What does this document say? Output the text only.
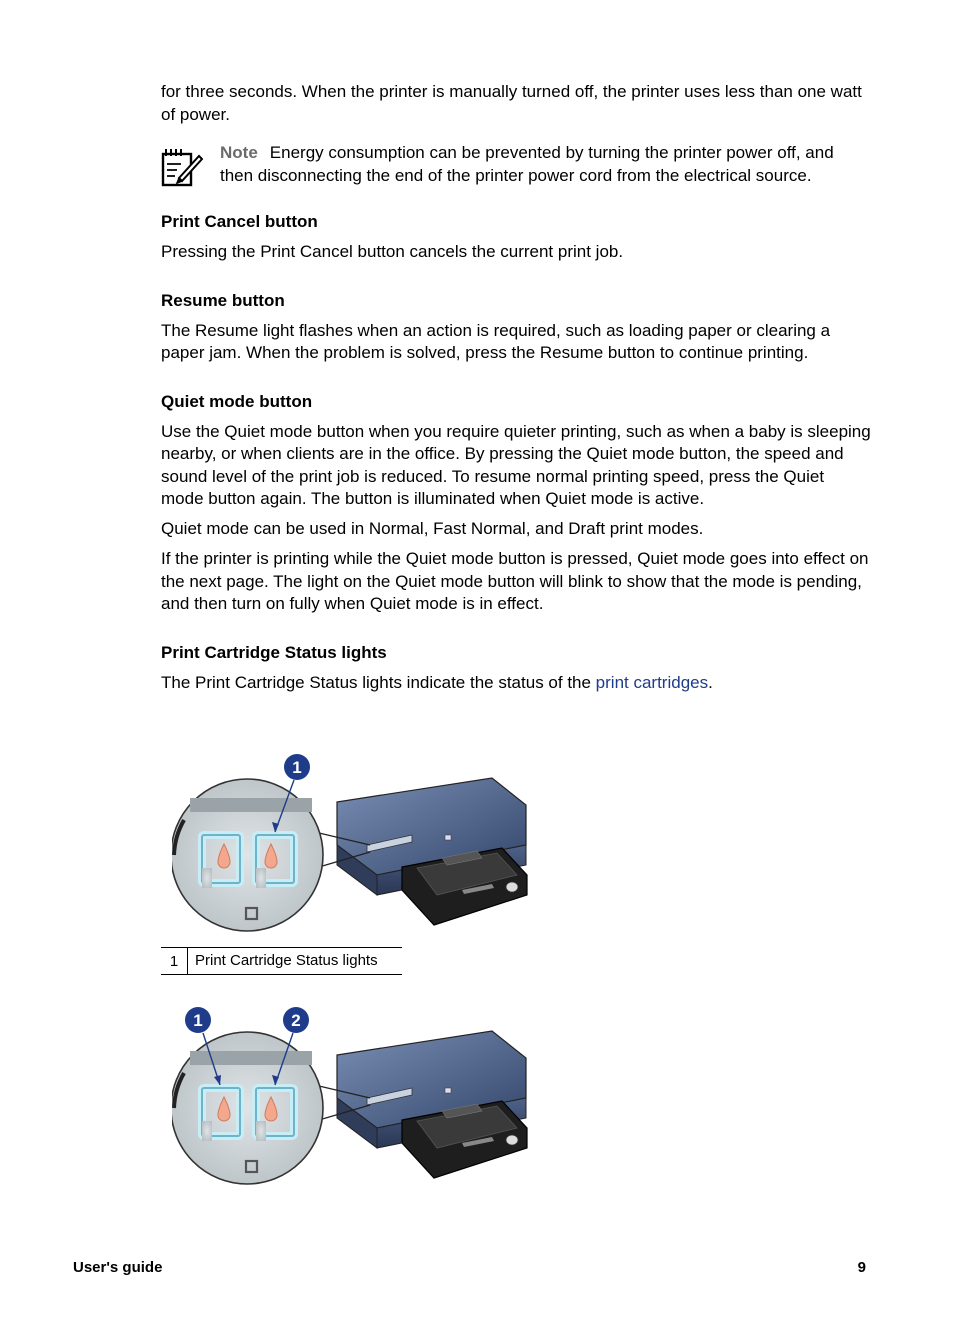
for three seconds. When the printer is manually turned off, the printer uses less than one watt of power.

Note Energy consumption can be prevented by turning the printer power off, and then disconnecting the end of the printer power cord from the electrical source.

Print Cancel button

Pressing the Print Cancel button cancels the current print job.

Resume button

The Resume light flashes when an action is required, such as loading paper or clearing a paper jam. When the problem is solved, press the Resume button to continue printing.

Quiet mode button

Use the Quiet mode button when you require quieter printing, such as when a baby is sleeping nearby, or when clients are in the office. By pressing the Quiet mode button, the speed and sound level of the print job is reduced. To resume normal printing speed, press the Quiet mode button again. The button is illuminated when Quiet mode is active.

Quiet mode can be used in Normal, Fast Normal, and Draft print modes.

If the printer is printing while the Quiet mode button is pressed, Quiet mode goes into effect on the next page. The light on the Quiet mode button will blink to show that the mode is pending, and then turn on fully when Quiet mode is in effect.

Print Cartridge Status lights

The Print Cartridge Status lights indicate the status of the print cartridges.

1
1	Print Cartridge Status lights
1	2
User's guide	9
